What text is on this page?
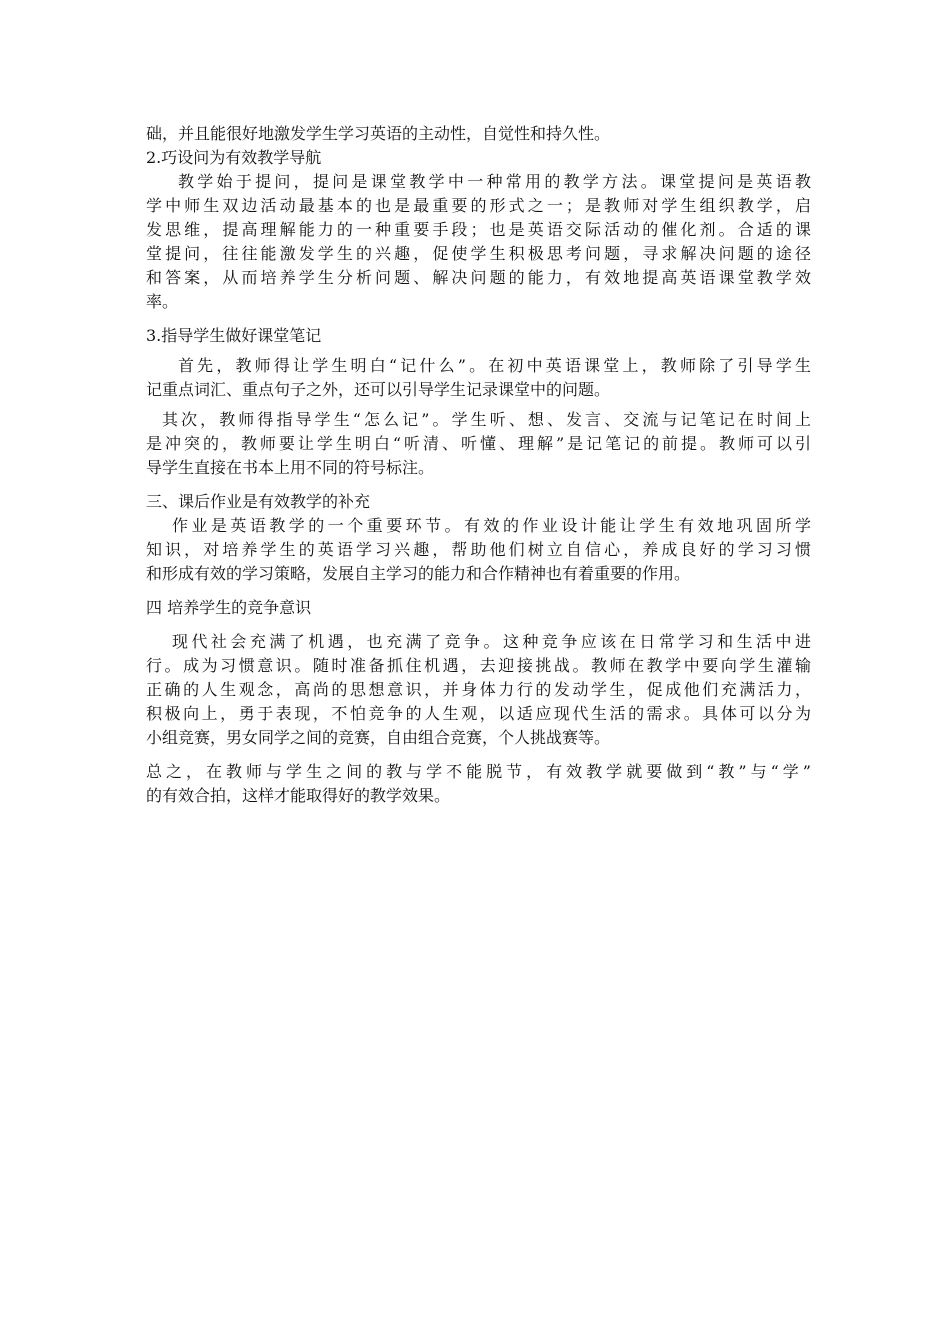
础，并且能很好地激发学生学习英语的主动性，自觉性和持久性。
2.巧设问为有效教学导航
教学始于提问，提问是课堂教学中一种常用的教学方法。课堂提问是英语教
学中师生双边活动最基本的也是最重要的形式之一；是教师对学生组织教学，启
发思维，提高理解能力的一种重要手段；也是英语交际活动的催化剂。合适的课
堂提问，往往能激发学生的兴趣，促使学生积极思考问题，寻求解决问题的途径
和答案，从而培养学生分析问题、解决问题的能力，有效地提高英语课堂教学效
率。
3.指导学生做好课堂笔记
首先，教师得让学生明白“记什么”。在初中英语课堂上，教师除了引导学生
记重点词汇、重点句子之外，还可以引导学生记录课堂中的问题。
其次，教师得指导学生“怎么记”。学生听、想、发言、交流与记笔记在时间上
是冲突的，教师要让学生明白“听清、听懂、理解”是记笔记的前提。教师可以引
导学生直接在书本上用不同的符号标注。
三、课后作业是有效教学的补充
作业是英语教学的一个重要环节。有效的作业设计能让学生有效地巩固所学
知识，对培养学生的英语学习兴趣，帮助他们树立自信心，养成良好的学习习惯
和形成有效的学习策略，发展自主学习的能力和合作精神也有着重要的作用。
四 培养学生的竞争意识
现代社会充满了机遇，也充满了竞争。这种竞争应该在日常学习和生活中进
行。成为习惯意识。随时准备抓住机遇，去迎接挑战。教师在教学中要向学生灌输
正确的人生观念，高尚的思想意识，并身体力行的发动学生，促成他们充满活力，
积极向上，勇于表现，不怕竞争的人生观，以适应现代生活的需求。具体可以分为
小组竞赛，男女同学之间的竞赛，自由组合竞赛，个人挑战赛等。
总之，在教师与学生之间的教与学不能脱节，有效教学就要做到“教”与“学”
的有效合拍，这样才能取得好的教学效果。
